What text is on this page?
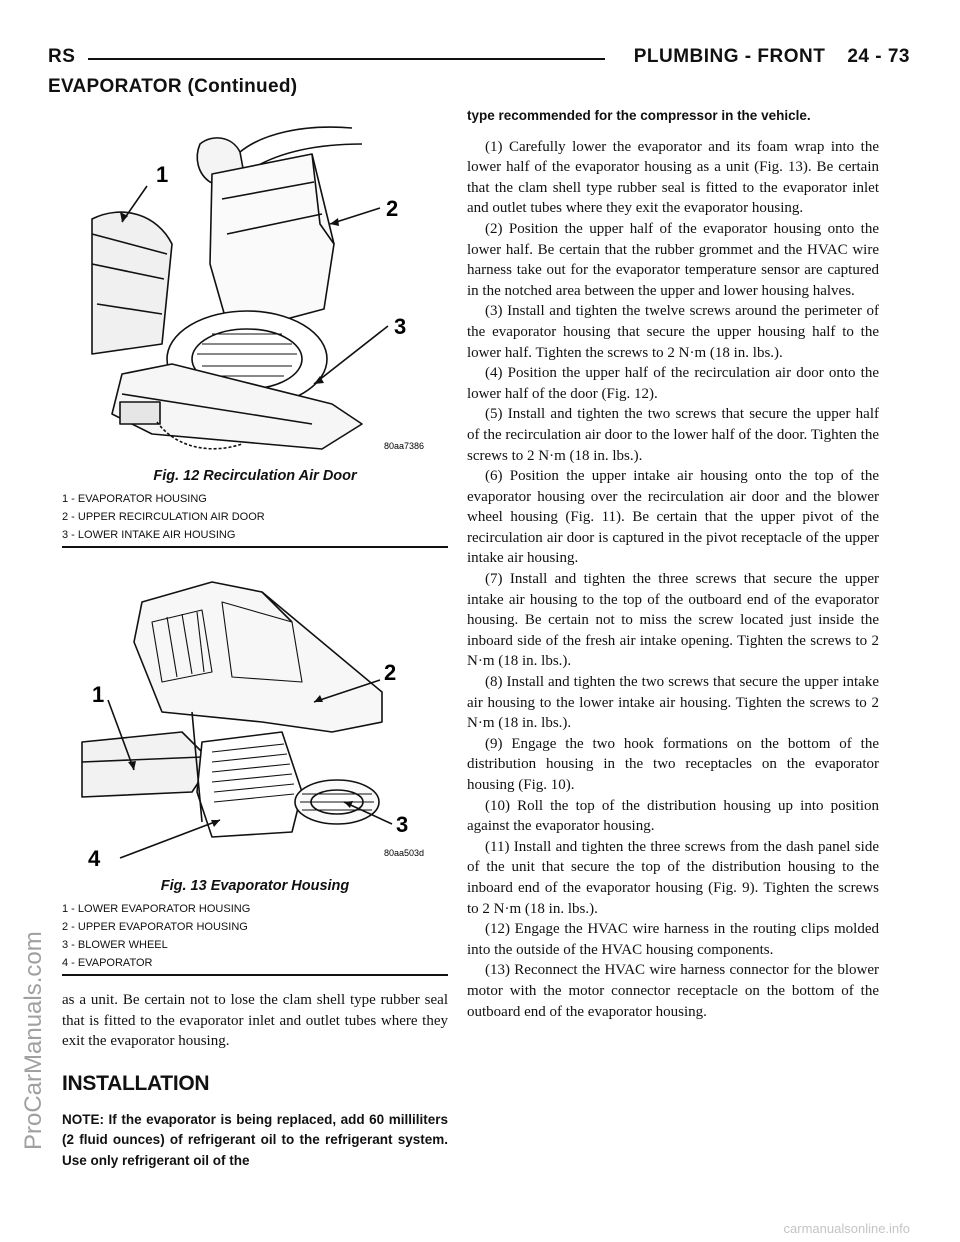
RS	PLUMBING - FRONT 24 - 73
EVAPORATOR (Continued)
1
2
3
80aa7386
Fig. 12 Recirculation Air Door
1 - EVAPORATOR HOUSING
2 - UPPER RECIRCULATION AIR DOOR
3 - LOWER INTAKE AIR HOUSING
1
2
3
4	80aa503d
Fig. 13 Evaporator Housing
1 - LOWER EVAPORATOR HOUSING
2 - UPPER EVAPORATOR HOUSING
3 - BLOWER WHEEL
4 - EVAPORATOR

as a unit. Be certain not to lose the clam shell type rubber seal that is fitted to the evaporator inlet and outlet tubes where they exit the evaporator housing.

INSTALLATION

NOTE: If the evaporator is being replaced, add 60 milliliters (2 fluid ounces) of refrigerant oil to the refrigerant system. Use only refrigerant oil of the

type recommended for the compressor in the vehicle.

(1) Carefully lower the evaporator and its foam wrap into the lower half of the evaporator housing as a unit (Fig. 13). Be certain that the clam shell type rubber seal is fitted to the evaporator inlet and outlet tubes where they exit the evaporator housing.

(2) Position the upper half of the evaporator housing onto the lower half. Be certain that the rubber grommet and the HVAC wire harness take out for the evaporator temperature sensor are captured in the notched area between the upper and lower housing halves.

(3) Install and tighten the twelve screws around the perimeter of the evaporator housing that secure the upper housing half to the lower half. Tighten the screws to 2 N·m (18 in. lbs.).

(4) Position the upper half of the recirculation air door onto the lower half of the door (Fig. 12).

(5) Install and tighten the two screws that secure the upper half of the recirculation air door to the lower half of the door. Tighten the screws to 2 N·m (18 in. lbs.).

(6) Position the upper intake air housing onto the top of the evaporator housing over the recirculation air door and the blower wheel housing (Fig. 11). Be certain that the upper pivot of the recirculation air door is captured in the pivot receptacle of the upper intake air housing.

(7) Install and tighten the three screws that secure the upper intake air housing to the top of the outboard end of the evaporator housing. Be certain not to miss the screw located just inside the inboard side of the fresh air intake opening. Tighten the screws to 2 N·m (18 in. lbs.).

(8) Install and tighten the two screws that secure the upper intake air housing to the lower intake air housing. Tighten the screws to 2 N·m (18 in. lbs.).

(9) Engage the two hook formations on the bottom of the distribution housing in the two receptacles on the evaporator housing (Fig. 10).

(10) Roll the top of the distribution housing up into position against the evaporator housing.

(11) Install and tighten the three screws from the dash panel side of the unit that secure the top of the distribution housing to the inboard end of the evaporator housing (Fig. 9). Tighten the screws to 2 N·m (18 in. lbs.).

(12) Engage the HVAC wire harness in the routing clips molded into the outside of the HVAC housing components.

(13) Reconnect the HVAC wire harness connector for the blower motor with the motor connector receptacle on the bottom of the outboard end of the evaporator housing.

ProCarManuals.com
carmanualsonline.info
